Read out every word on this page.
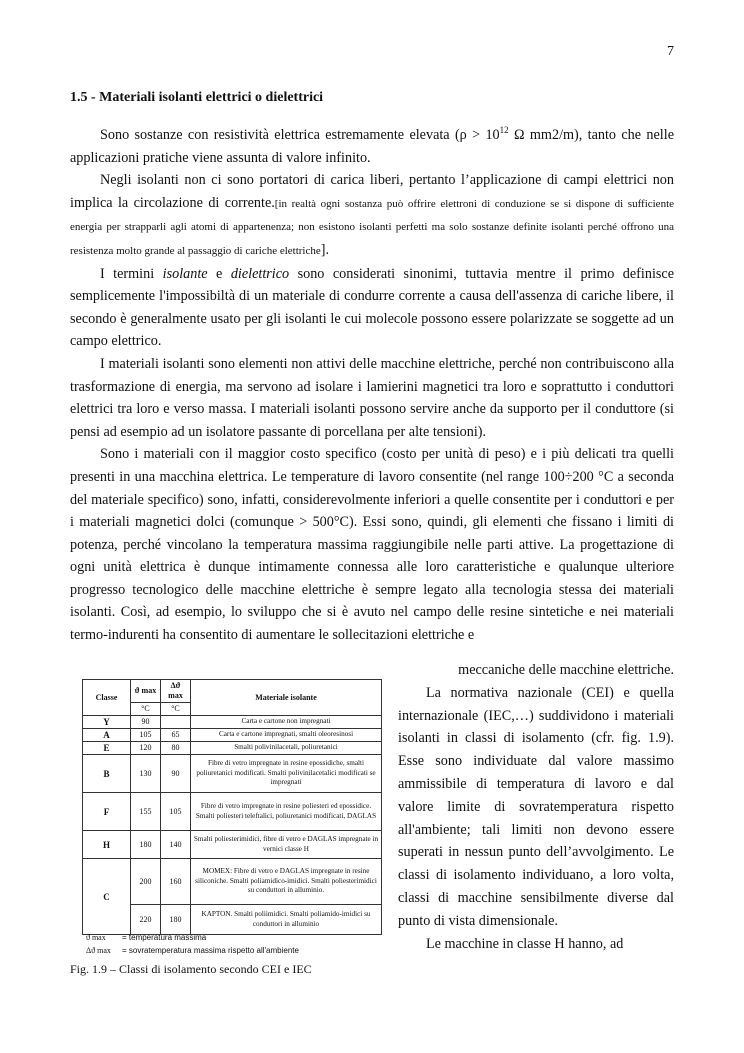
7
1.5 - Materiali isolanti elettrici o dielettrici

Sono sostanze con resistività elettrica estremamente elevata ($\rho > 10^{12}$ Ω mm2/m), tanto che nelle applicazioni pratiche viene assunta di valore infinito.

Negli isolanti non ci sono portatori di carica liberi, pertanto l’applicazione di campi elettrici non implica la circolazione di corrente.[in realtà ogni sostanza può offrire elettroni di conduzione se si dispone di sufficiente energia per strapparli agli atomi di appartenenza; non esistono isolanti perfetti ma solo sostanze definite isolanti perché offrono una resistenza molto grande al passaggio di cariche elettriche].

I termini isolante e dielettrico sono considerati sinonimi, tuttavia mentre il primo definisce semplicemente l'impossibiltà di un materiale di condurre corrente a causa dell'assenza di cariche libere, il secondo è generalmente usato per gli isolanti le cui molecole possono essere polarizzate se soggette ad un campo elettrico.

I materiali isolanti sono elementi non attivi delle macchine elettriche, perché non contribuiscono alla trasformazione di energia, ma servono ad isolare i lamierini magnetici tra loro e soprattutto i conduttori elettrici tra loro e verso massa. I materiali isolanti possono servire anche da supporto per il conduttore (si pensi ad esempio ad un isolatore passante di porcellana per alte tensioni).

Sono i materiali con il maggior costo specifico (costo per unità di peso) e i più delicati tra quelli presenti in una macchina elettrica. Le temperature di lavoro consentite (nel range 100÷200 °C a seconda del materiale specifico) sono, infatti, considerevolmente inferiori a quelle consentite per i conduttori e per i materiali magnetici dolci (comunque > 500°C). Essi sono, quindi, gli elementi che fissano i limiti di potenza, perché vincolano la temperatura massima raggiungibile nelle parti attive. La progettazione di ogni unità elettrica è dunque intimamente connessa alle loro caratteristiche e qualunque ulteriore progresso tecnologico delle macchine elettriche è sempre legato alla tecnologia stessa dei materiali isolanti. Così, ad esempio, lo sviluppo che si è avuto nel campo delle resine sintetiche e nei materiali termo-indurenti ha consentito di aumentare le sollecitazioni elettriche e

meccaniche delle macchine elettriche.

La normativa nazionale (CEI) e quella internazionale (IEC,…) suddividono i materiali isolanti in classi di isolamento (cfr. fig. 1.9). Esse sono individuate dal valore massimo ammissibile di temperatura di lavoro e dal valore limite di sovratemperatura rispetto all'ambiente; tali limiti non devono essere superati in nessun punto dell’avvolgimento. Le classi di isolamento individuano, a loro volta, classi di macchine sensibilmente diverse dal punto di vista dimensionale.

Le macchine in classe H hanno, ad

Classe	ϑ max	Δϑ max	Materiale isolante
	°C	°C	
Y	90		Carta e cartone non impregnati
A	105	65	Carta e cartone impregnati, smalti oleoresinosi
E	120	80	Smalti polivinilacetali, poliuretanici
B	130	90	Fibre di vetro impregnate in resine epossidiche, smalti poliuretanici modificati. Smalti polivinilacetalici modificati se impregnati
F	155	105	Fibre di vetro impregnate in resine poliesteri ed epossidice. Smalti poliesteri teleftalici, poliuretanici modificati, DAGLAS
H	180	140	Smalti poliesterimidici, fibre di vetro e DAGLAS impregnate in vernici classe H
C	200	160	MOMEX: Fibre di vetro e DAGLAS impregnate in resine siliconiche. Smalti poliamidico-imidici. Smalti poliesterimidici su conduttori in alluminio.
	220	180	KAPTON. Smalti poliimidici. Smalti poliamido-imidici su conduttori in alluminio
ϑ max = temperatura massima
Δϑ max = sovratemperatura massima rispetto all'ambiente
Fig. 1.9 – Classi di isolamento secondo CEI e IEC
